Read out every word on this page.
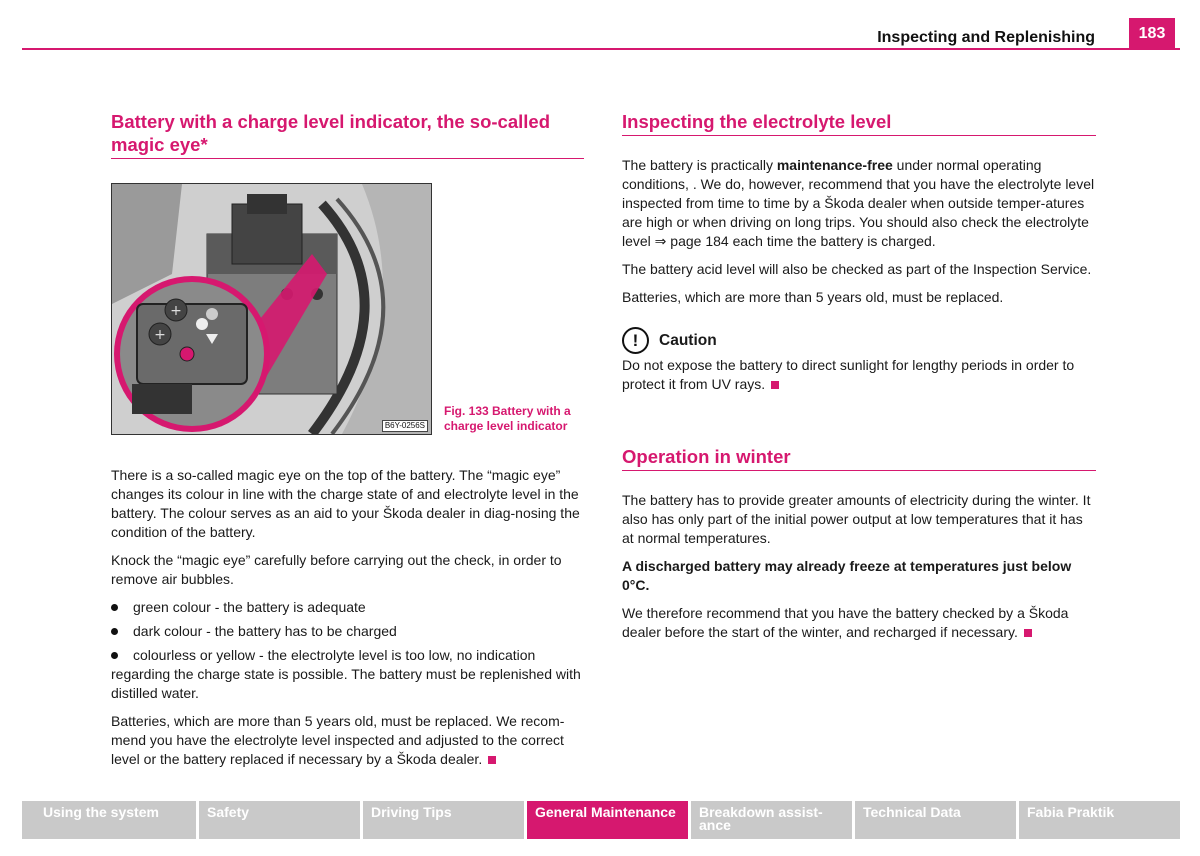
Inspecting and Replenishing	183
Battery with a charge level indicator, the so-called magic eye*
+
+
B6Y-0256S
Fig. 133 Battery with a charge level indicator

There is a so-called magic eye on the top of the battery. The “magic eye” changes its colour in line with the charge state of and electrolyte level in the battery. The colour serves as an aid to your Škoda dealer in diag-nosing the condition of the battery.

Knock the “magic eye” carefully before carrying out the check, in order to remove air bubbles.

green colour - the battery is adequate
dark colour - the battery has to be charged
colourless or yellow - the electrolyte level is too low, no indication regarding the charge state is possible. The battery must be replenished with distilled water.

Batteries, which are more than 5 years old, must be replaced. We recom-mend you have the electrolyte level inspected and adjusted to the correct level or the battery replaced if necessary by a Škoda dealer.

Inspecting the electrolyte level

The battery is practically maintenance-free under normal operating conditions, . We do, however, recommend that you have the electrolyte level inspected from time to time by a Škoda dealer when outside temper-atures are high or when driving on long trips. You should also check the electrolyte level ⇒ page 184 each time the battery is charged.

The battery acid level will also be checked as part of the Inspection Service.

Batteries, which are more than 5 years old, must be replaced.

!	Caution

Do not expose the battery to direct sunlight for lengthy periods in order to protect it from UV rays.

Operation in winter

The battery has to provide greater amounts of electricity during the winter. It also has only part of the initial power output at low temperatures that it has at normal temperatures.

A discharged battery may already freeze at temperatures just below 0°C.

We therefore recommend that you have the battery checked by a Škoda dealer before the start of the winter, and recharged if necessary.

Using the system	Safety	Driving Tips	General Maintenance	Breakdown assist-ance
Technical Data	Fabia Praktik
